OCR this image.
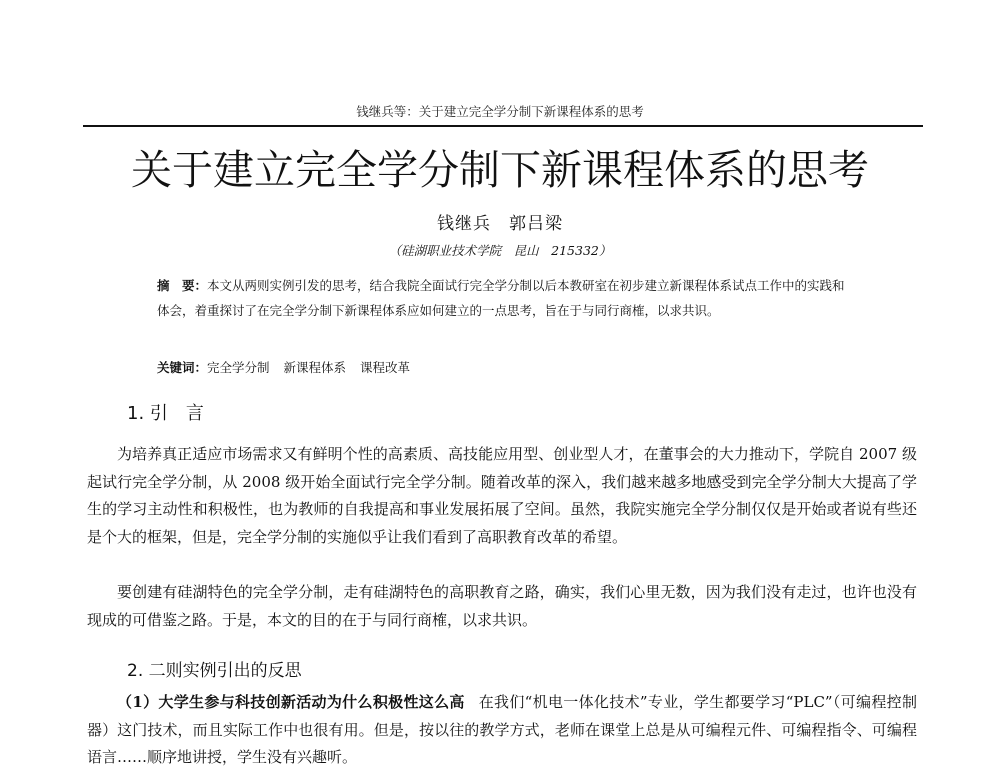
钱继兵等：关于建立完全学分制下新课程体系的思考
关于建立完全学分制下新课程体系的思考
钱继兵　郭吕梁
（硅湖职业技术学院　昆山　215332）
摘　要：本文从两则实例引发的思考，结合我院全面试行完全学分制以后本教研室在初步建立新课程体系试点工作中的实践和体会，着重探讨了在完全学分制下新课程体系应如何建立的一点思考，旨在于与同行商榷，以求共识。
关键词：完全学分制 新课程体系 课程改革
1. 引　言
为培养真正适应市场需求又有鲜明个性的高素质、高技能应用型、创业型人才，在董事会的大力推动下，学院自 2007 级起试行完全学分制，从 2008 级开始全面试行完全学分制。随着改革的深入，我们越来越多地感受到完全学分制大大提高了学生的学习主动性和积极性，也为教师的自我提高和事业发展拓展了空间。虽然，我院实施完全学分制仅仅是开始或者说有些还是个大的框架，但是，完全学分制的实施似乎让我们看到了高职教育改革的希望。
要创建有硅湖特色的完全学分制，走有硅湖特色的高职教育之路，确实，我们心里无数，因为我们没有走过，也许也没有现成的可借鉴之路。于是，本文的目的在于与同行商榷，以求共识。
2. 二则实例引出的反思
（1）大学生参与科技创新活动为什么积极性这么高 在我们“机电一体化技术”专业，学生都要学习“PLC”（可编程控制器）这门技术，而且实际工作中也很有用。但是，按以往的教学方式，老师在课堂上总是从可编程元件、可编程指令、可编程语言……顺序地讲授，学生没有兴趣听。
